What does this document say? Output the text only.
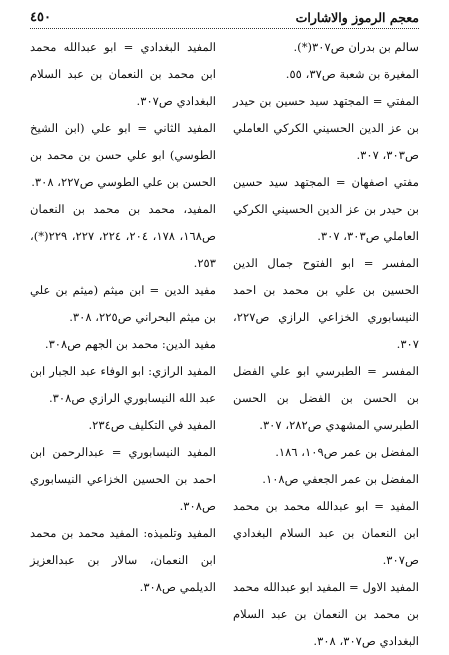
٤٥٠	معجم الرموز والاشارات

سالم بن بدران ص٣٠٧(*).

المغيرة بن شعبة ص٣٧، ٥٥.

المفتي = المجتهد سيد حسين بن حيدر بن عز الدين الحسيني الكركي العاملي ص٣٠٣، ٣٠٧.

مفتي اصفهان = المجتهد سيد حسين بن حيدر بن عز الدين الحسيني الكركي العاملي ص٣٠٣، ٣٠٧.

المفسر = ابو الفتوح جمال الدين الحسين بن علي بن محمد بن احمد النيسابوري الخزاعي الرازي ص٢٢٧، ٣٠٧.

المفسر = الطبرسي ابو علي الفضل بن الحسن بن الفضل بن الحسن الطبرسي المشهدي ص٢٨٢، ٣٠٧.

المفضل بن عمر ص١٠٩، ١٨٦.

المفضل بن عمر الجعفي ص١٠٨.

المفيد = ابو عبدالله محمد بن محمد ابن النعمان بن عبد السلام البغدادي ص٣٠٧.

المفيد الاول = المفيد ابو عبدالله محمد بن محمد بن النعمان بن عبد السلام البغدادي ص٣٠٧، ٣٠٨.

المفيد البغدادي = ابو عبدالله محمد ابن محمد بن النعمان بن عبد السلام البغدادي ص٣٠٧.

المفيد الثاني = ابو علي (ابن الشيخ الطوسي) ابو علي حسن بن محمد بن الحسن بن علي الطوسي ص٢٢٧، ٣٠٨.

المفيد، محمد بن محمد بن النعمان ص١٦٨، ١٧٨، ٢٠٤، ٢٢٤، ٢٢٧، ٢٢٩(*)، ٢٥٣.

مفيد الدين = ابن ميثم (ميثم بن علي بن ميثم البحراني ص٢٢٥، ٣٠٨.

مفيد الدين: محمد بن الجهم ص٣٠٨.

المفيد الرازي: ابو الوفاء عبد الجبار ابن عبد الله النيسابوري الرازي ص٣٠٨.

المفيد في التكليف ص٢٣٤.

المفيد النيسابوري = عبدالرحمن ابن احمد بن الحسين الخزاعي النيسابوري ص٣٠٨.

المفيد وتلميذه: المفيد محمد بن محمد ابن النعمان، سالار بن عبدالعزيز الديلمي ص٣٠٨.
